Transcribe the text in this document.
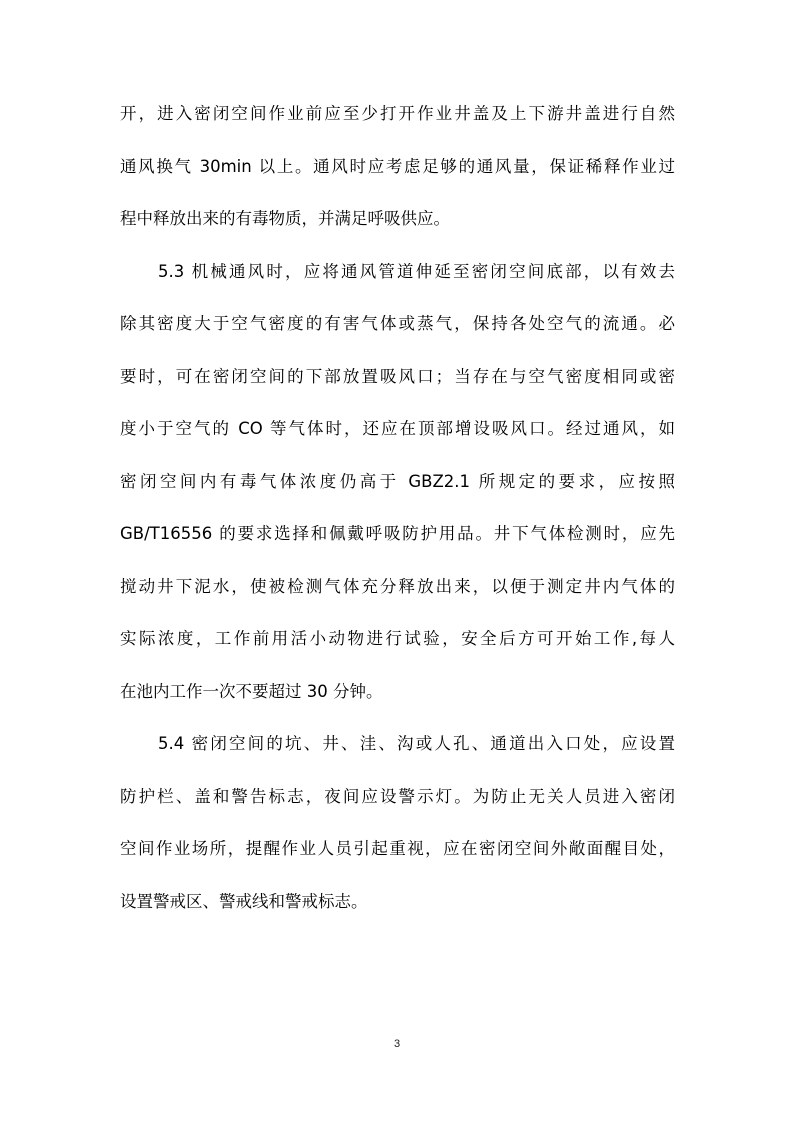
开，进入密闭空间作业前应至少打开作业井盖及上下游井盖进行自然
通风换气 30min 以上。通风时应考虑足够的通风量，保证稀释作业过
程中释放出来的有毒物质，并满足呼吸供应。
5.3 机械通风时，应将通风管道伸延至密闭空间底部，以有效去
除其密度大于空气密度的有害气体或蒸气，保持各处空气的流通。必
要时，可在密闭空间的下部放置吸风口；当存在与空气密度相同或密
度小于空气的 CO 等气体时，还应在顶部增设吸风口。经过通风，如
密闭空间内有毒气体浓度仍高于 GBZ2.1 所规定的要求，应按照
GB/T16556 的要求选择和佩戴呼吸防护用品。井下气体检测时，应先
搅动井下泥水，使被检测气体充分释放出来，以便于测定井内气体的
实际浓度，工作前用活小动物进行试验，安全后方可开始工作,每人
在池内工作一次不要超过 30 分钟。
5.4 密闭空间的坑、井、洼、沟或人孔、通道出入口处，应设置
防护栏、盖和警告标志，夜间应设警示灯。为防止无关人员进入密闭
空间作业场所，提醒作业人员引起重视，应在密闭空间外敞面醒目处，
设置警戒区、警戒线和警戒标志。
3
